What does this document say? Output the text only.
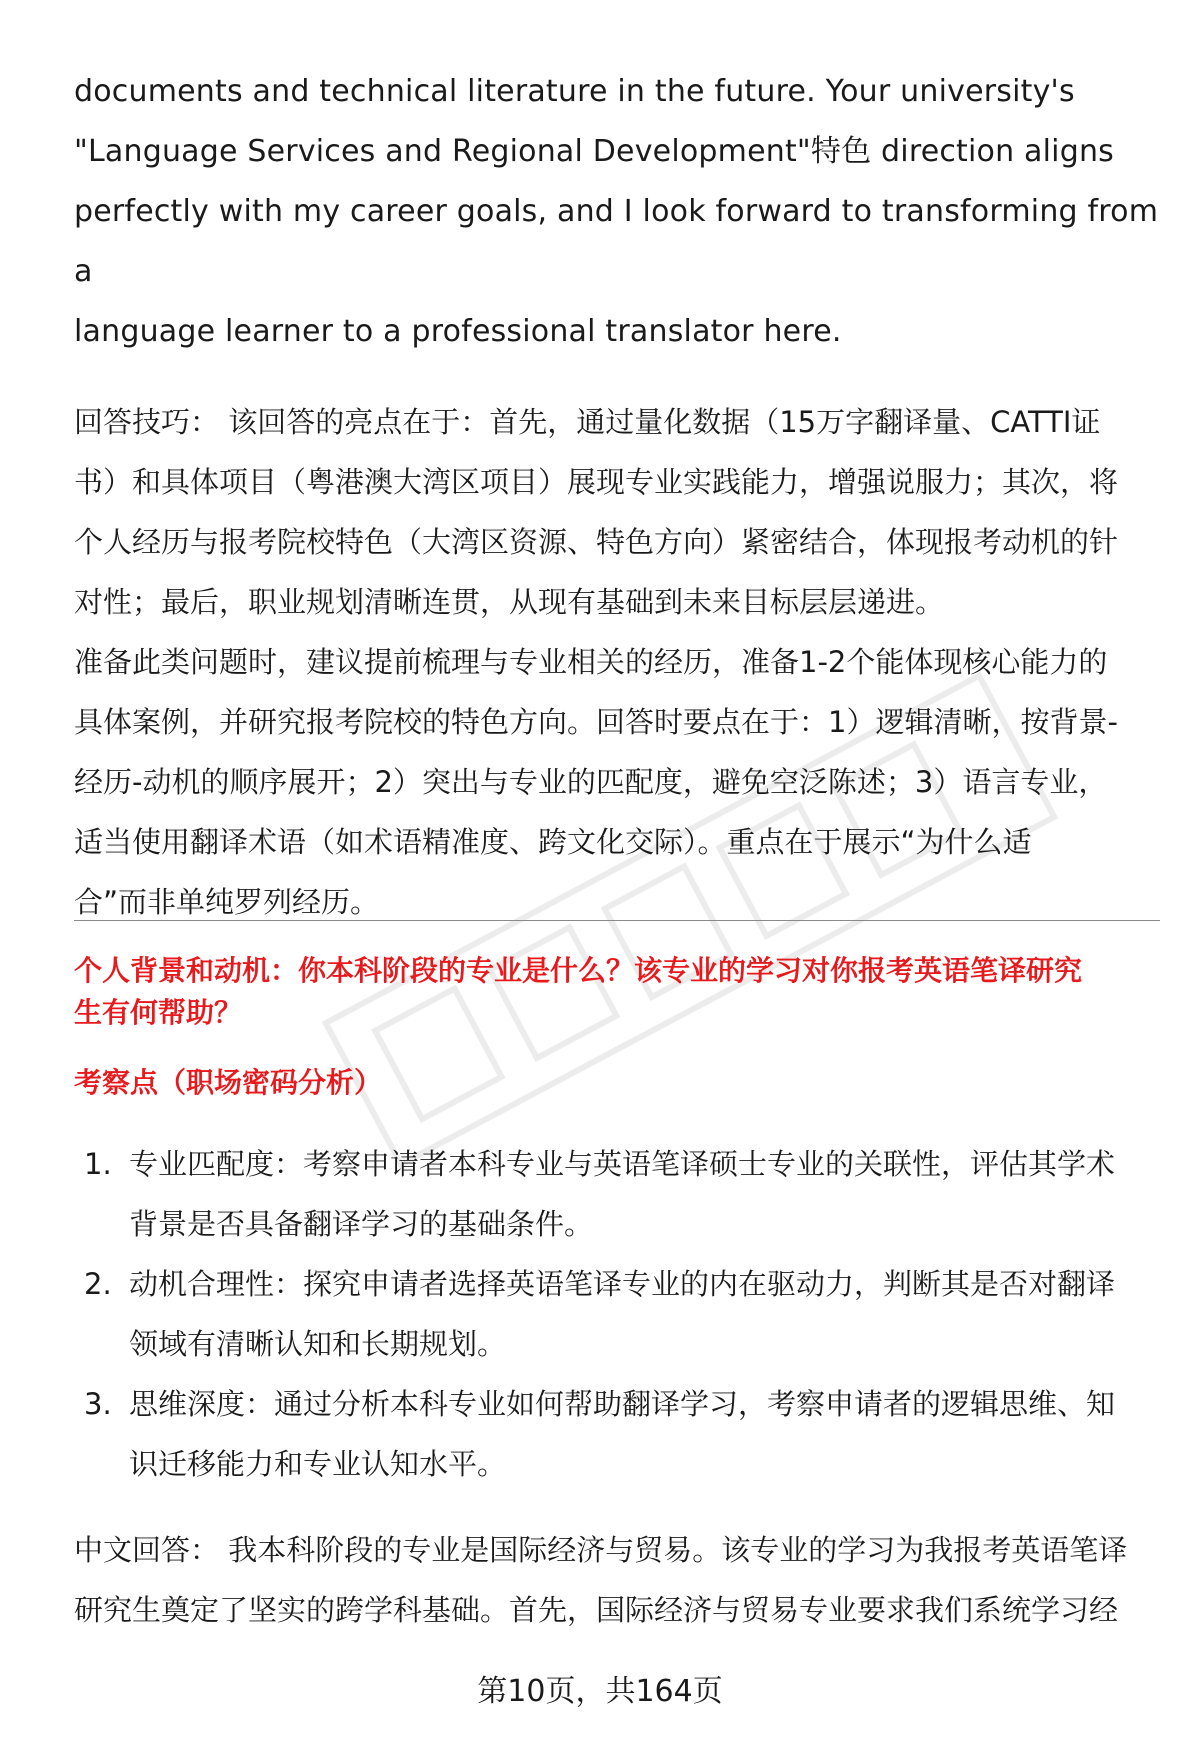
documents and technical literature in the future. Your university's

"Language Services and Regional Development"特色 direction aligns

perfectly with my career goals, and I look forward to transforming from a

language learner to a professional translator here.

回答技巧： 该回答的亮点在于：首先，通过量化数据（15万字翻译量、CATTI证

书）和具体项目（粤港澳大湾区项目）展现专业实践能力，增强说服力；其次，将

个人经历与报考院校特色（大湾区资源、特色方向）紧密结合，体现报考动机的针

对性；最后，职业规划清晰连贯，从现有基础到未来目标层层递进。

准备此类问题时，建议提前梳理与专业相关的经历，准备1-2个能体现核心能力的

具体案例，并研究报考院校的特色方向。回答时要点在于：1）逻辑清晰，按背景-

经历-动机的顺序展开；2）突出与专业的匹配度，避免空泛陈述；3）语言专业，

适当使用翻译术语（如术语精准度、跨文化交际）。重点在于展示“为什么适

合”而非单纯罗列经历。

个人背景和动机：你本科阶段的专业是什么？该专业的学习对你报考英语笔译研究
生有何帮助？
考察点（职场密码分析）
1. 专业匹配度：考察申请者本科专业与英语笔译硕士专业的关联性，评估其学术
背景是否具备翻译学习的基础条件。
2. 动机合理性：探究申请者选择英语笔译专业的内在驱动力，判断其是否对翻译
领域有清晰认知和长期规划。
3. 思维深度：通过分析本科专业如何帮助翻译学习，考察申请者的逻辑思维、知
识迁移能力和专业认知水平。

中文回答： 我本科阶段的专业是国际经济与贸易。该专业的学习为我报考英语笔译

研究生奠定了坚实的跨学科基础。首先，国际经济与贸易专业要求我们系统学习经

第10页，共164页
